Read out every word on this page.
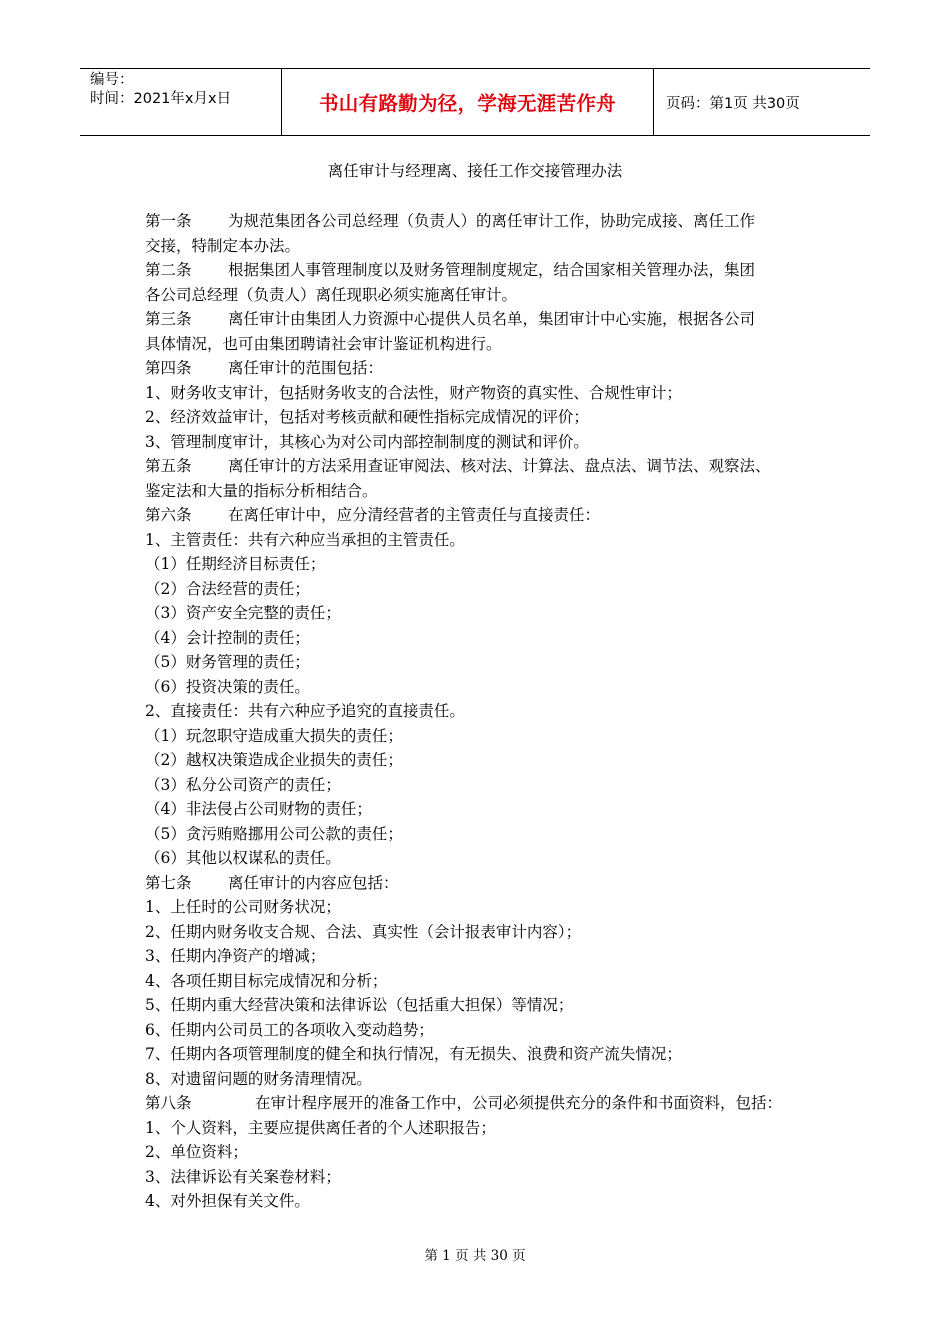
编号：
时间：2021年x月x日	书山有路勤为径，学海无涯苦作舟	页码：第1页 共30页
离任审计与经理离、接任工作交接管理办法
第一条 为规范集团各公司总经理（负责人）的离任审计工作，协助完成接、离任工作
交接，特制定本办法。
第二条 根据集团人事管理制度以及财务管理制度规定，结合国家相关管理办法，集团
各公司总经理（负责人）离任现职必须实施离任审计。
第三条 离任审计由集团人力资源中心提供人员名单，集团审计中心实施，根据各公司
具体情况，也可由集团聘请社会审计鉴证机构进行。
第四条 离任审计的范围包括：
1、财务收支审计，包括财务收支的合法性，财产物资的真实性、合规性审计；
2、经济效益审计，包括对考核贡献和硬性指标完成情况的评价；
3、管理制度审计，其核心为对公司内部控制制度的测试和评价。
第五条 离任审计的方法采用查证审阅法、核对法、计算法、盘点法、调节法、观察法、
鉴定法和大量的指标分析相结合。
第六条 在离任审计中，应分清经营者的主管责任与直接责任：
1、主管责任：共有六种应当承担的主管责任。
（1）任期经济目标责任；
（2）合法经营的责任；
（3）资产安全完整的责任；
（4）会计控制的责任；
（5）财务管理的责任；
（6）投资决策的责任。
2、直接责任：共有六种应予追究的直接责任。
（1）玩忽职守造成重大损失的责任；
（2）越权决策造成企业损失的责任；
（3）私分公司资产的责任；
（4）非法侵占公司财物的责任；
（5）贪污贿赂挪用公司公款的责任；
（6）其他以权谋私的责任。
第七条 离任审计的内容应包括：
1、上任时的公司财务状况；
2、任期内财务收支合规、合法、真实性（会计报表审计内容）；
3、任期内净资产的增减；
4、各项任期目标完成情况和分析；
5、任期内重大经营决策和法律诉讼（包括重大担保）等情况；
6、任期内公司员工的各项收入变动趋势；
7、任期内各项管理制度的健全和执行情况，有无损失、浪费和资产流失情况；
8、对遗留问题的财务清理情况。
第八条	在审计程序展开的准备工作中，公司必须提供充分的条件和书面资料，包括：
1、个人资料，主要应提供离任者的个人述职报告；
2、单位资料；
3、法律诉讼有关案卷材料；
4、对外担保有关文件。
第 1 页 共 30 页
